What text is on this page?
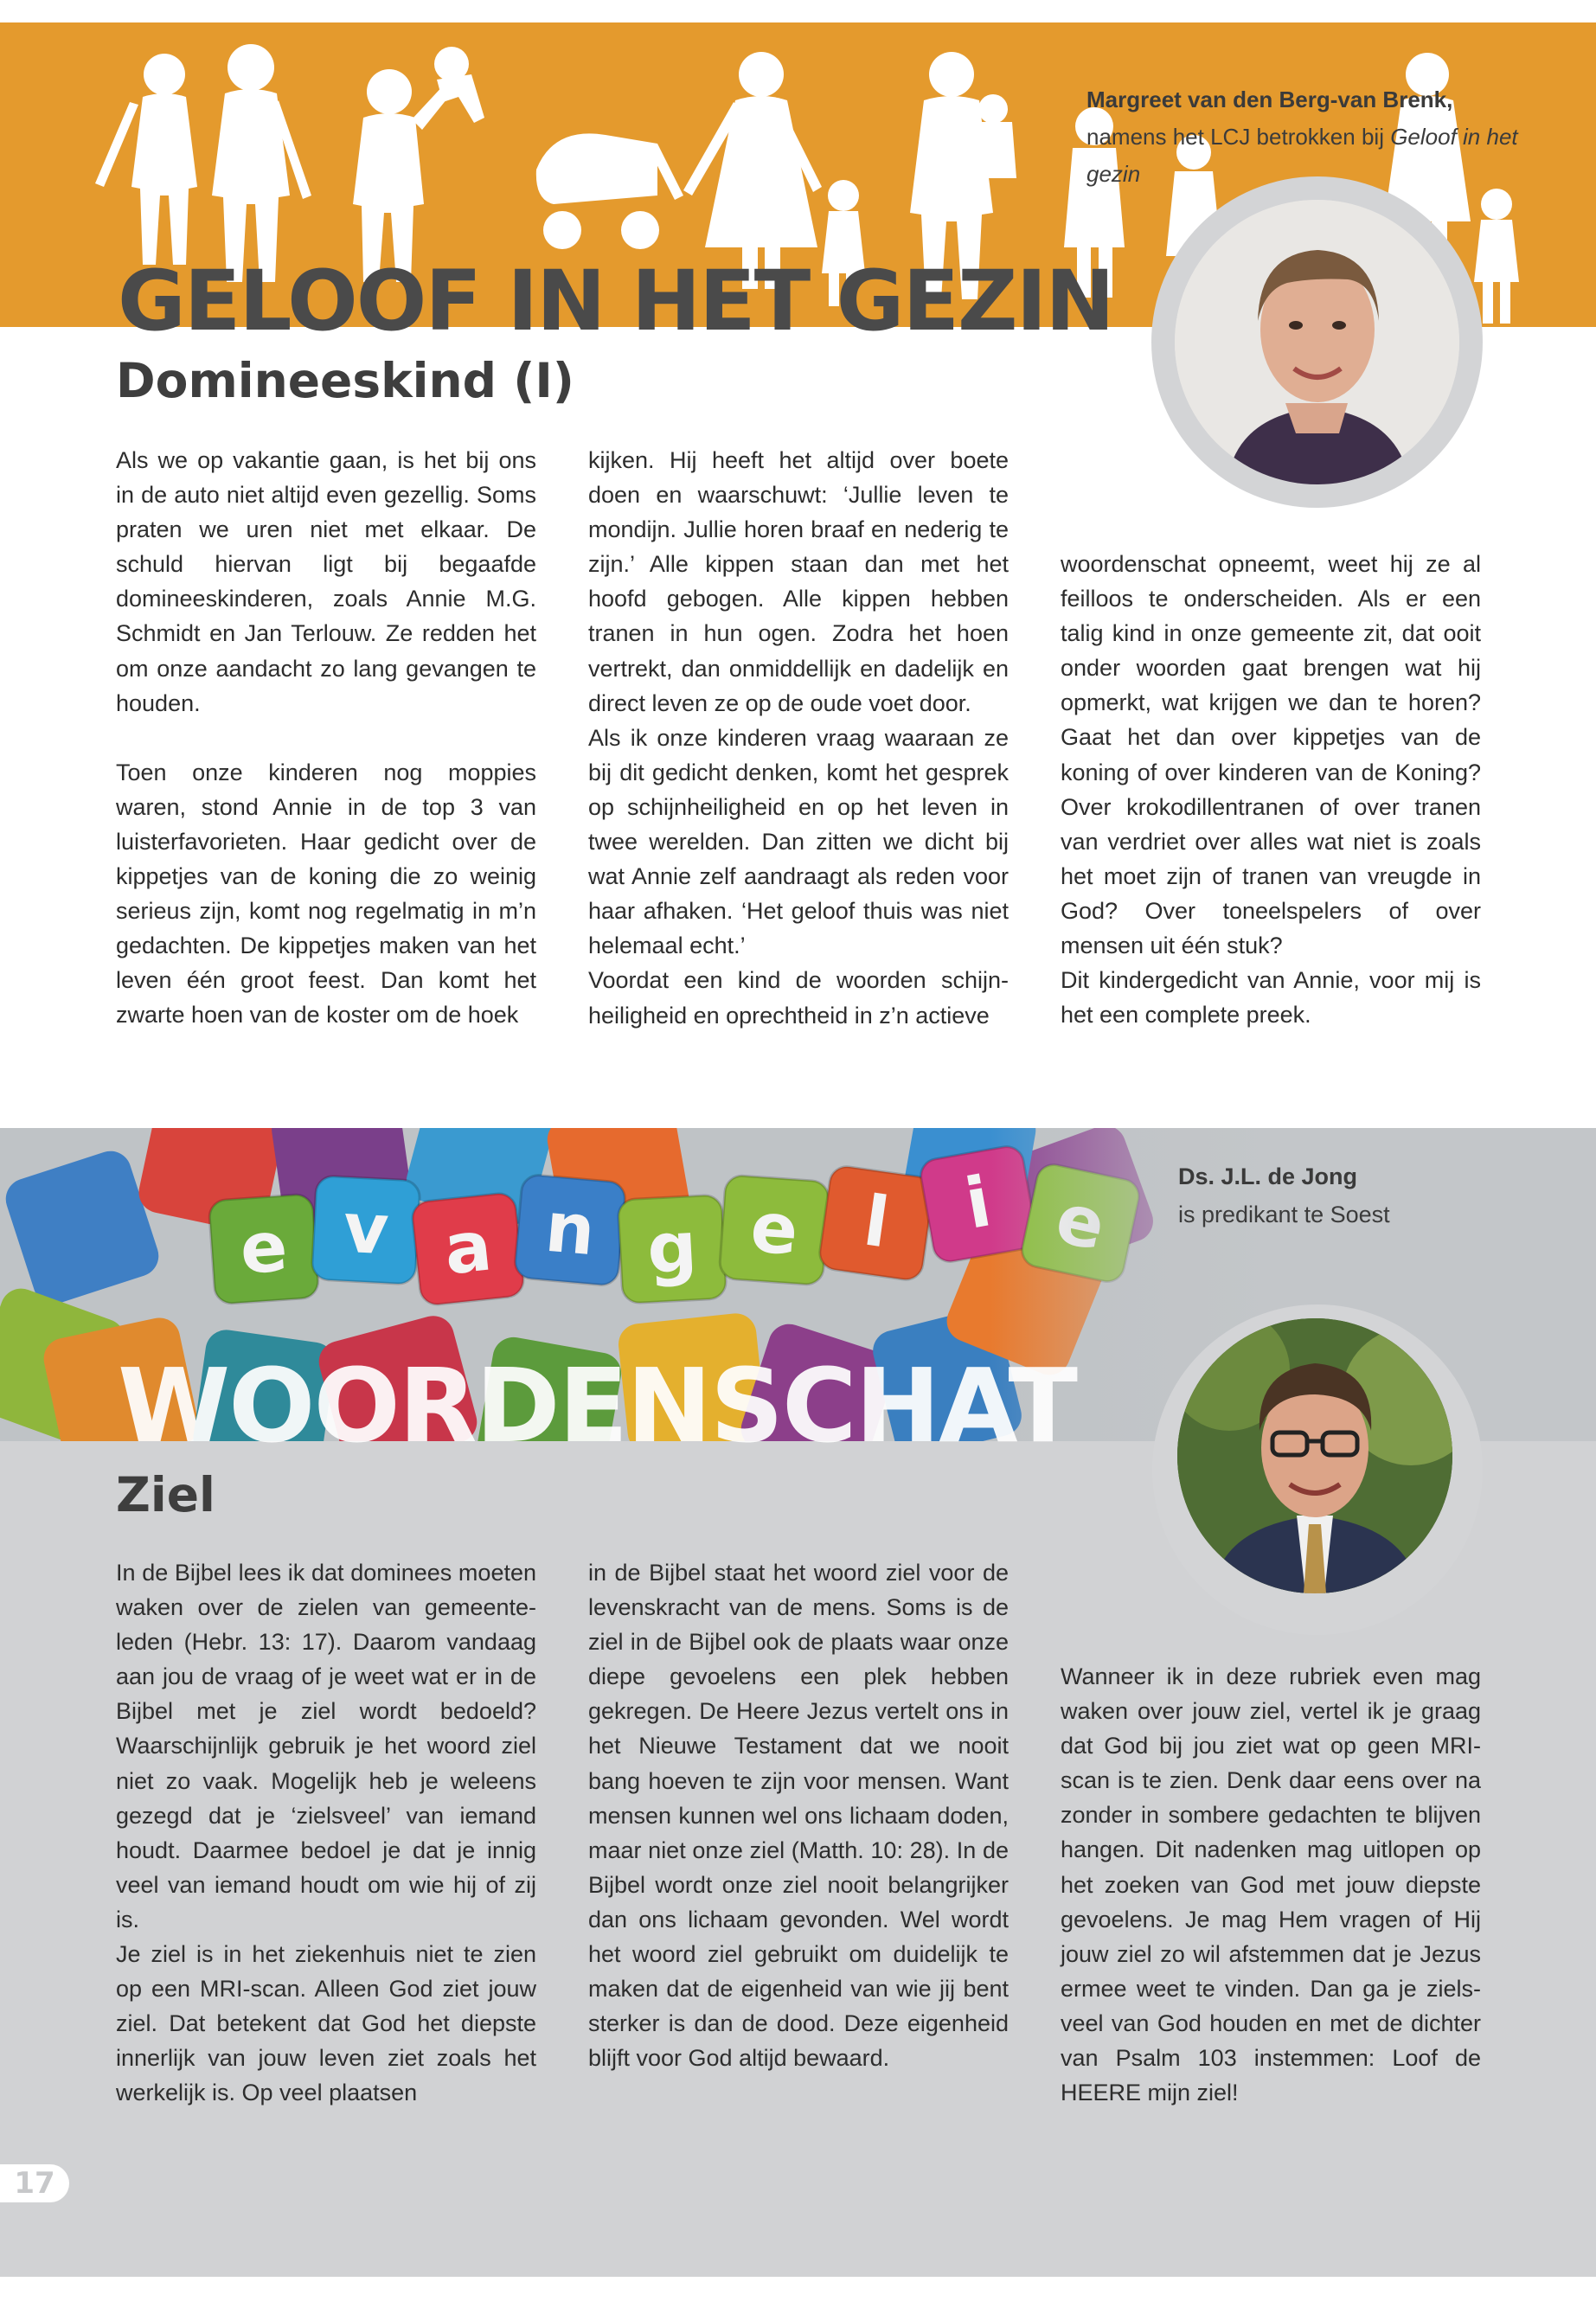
Margreet van den Berg-van Brenk,
namens het LCJ betrokken bij Geloof in het gezin
GELOOF IN HET GEZIN
Domineeskind (I)

Als we op vakantie gaan, is het bij ons in de auto niet altijd even gezellig. Soms praten we uren niet met elkaar. De schuld hiervan ligt bij begaafde domineeskinderen, zoals Annie M.G. Schmidt en Jan Terlouw. Ze redden het om onze aandacht zo lang gevangen te houden.

Toen onze kinderen nog moppies waren, stond Annie in de top 3 van luisterfavorieten. Haar gedicht over de kippetjes van de koning die zo weinig serieus zijn, komt nog regelmatig in m’n gedachten. De kippetjes maken van het leven één groot feest. Dan komt het zwarte hoen van de koster om de hoek

kijken. Hij heeft het altijd over boete doen en waarschuwt: ‘Jullie leven te mondijn. Jullie horen braaf en nederig te zijn.’ Alle kippen staan dan met het hoofd gebogen. Alle kippen hebben tranen in hun ogen. Zodra het hoen vertrekt, dan onmiddellijk en dadelijk en direct leven ze op de oude voet door.

Als ik onze kinderen vraag waaraan ze bij dit gedicht denken, komt het gesprek op schijnheiligheid en op het leven in twee werelden. Dan zitten we dicht bij wat Annie zelf aandraagt als reden voor haar afhaken. ‘Het geloof thuis was niet helemaal echt.’

Voordat een kind de woorden schijn-heiligheid en oprechtheid in z’n actieve

woordenschat opneemt, weet hij ze al feilloos te onderscheiden. Als er een talig kind in onze gemeente zit, dat ooit onder woorden gaat brengen wat hij opmerkt, wat krijgen we dan te horen? Gaat het dan over kippetjes van de koning of over kinderen van de Koning? Over krokodillentranen of over tranen van verdriet over alles wat niet is zoals het moet zijn of tranen van vreugde in God? Over toneelspelers of over mensen uit één stuk?

Dit kindergedicht van Annie, voor mij is het een complete preek.

Ds. J.L. de Jong
is predikant te Soest
WOORDENSCHAT
Ziel

In de Bijbel lees ik dat dominees moeten waken over de zielen van gemeente-leden (Hebr. 13: 17). Daarom vandaag aan jou de vraag of je weet wat er in de Bijbel met je ziel wordt bedoeld? Waarschijnlijk gebruik je het woord ziel niet zo vaak. Mogelijk heb je weleens gezegd dat je ‘zielsveel’ van iemand houdt. Daarmee bedoel je dat je innig veel van iemand houdt om wie hij of zij is.

Je ziel is in het ziekenhuis niet te zien op een MRI-scan. Alleen God ziet jouw ziel. Dat betekent dat God het diepste innerlijk van jouw leven ziet zoals het werkelijk is. Op veel plaatsen

in de Bijbel staat het woord ziel voor de levenskracht van de mens. Soms is de ziel in de Bijbel ook de plaats waar onze diepe gevoelens een plek hebben gekregen. De Heere Jezus vertelt ons in het Nieuwe Testament dat we nooit bang hoeven te zijn voor mensen. Want mensen kunnen wel ons lichaam doden, maar niet onze ziel (Matth. 10: 28). In de Bijbel wordt onze ziel nooit belangrijker dan ons lichaam gevonden. Wel wordt het woord ziel gebruikt om duidelijk te maken dat de eigenheid van wie jij bent sterker is dan de dood. Deze eigenheid blijft voor God altijd bewaard.

Wanneer ik in deze rubriek even mag waken over jouw ziel, vertel ik je graag dat God bij jou ziet wat op geen MRI-scan is te zien. Denk daar eens over na zonder in sombere gedachten te blijven hangen. Dit nadenken mag uitlopen op het zoeken van God met jouw diepste gevoelens. Je mag Hem vragen of Hij jouw ziel zo wil afstemmen dat je Jezus ermee weet te vinden. Dan ga je ziels-veel van God houden en met de dichter van Psalm 103 instemmen: Loof de HEERE mijn ziel!

17
